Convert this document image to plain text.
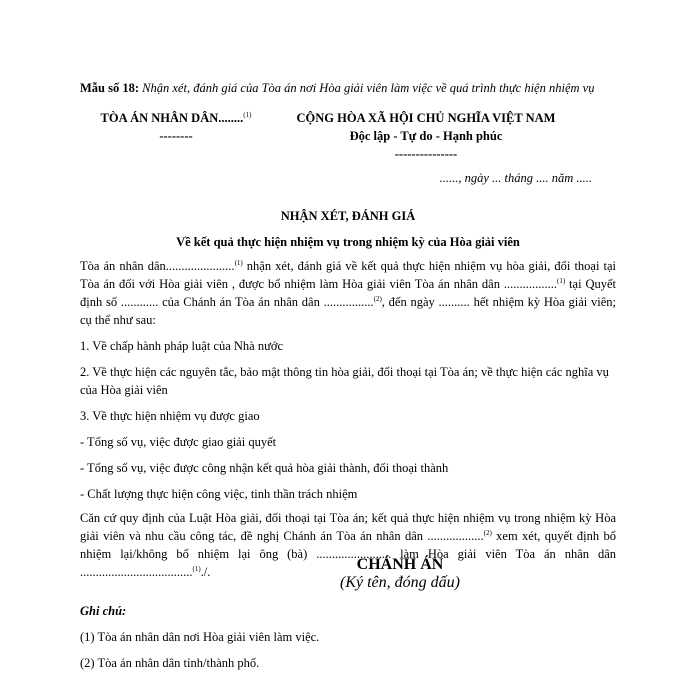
Mẫu số 18: Nhận xét, đánh giá của Tòa án nơi Hòa giải viên làm việc về quá trình thực hiện nhiệm vụ

TÒA ÁN NHÂN DÂN........$^{(1)}$
--------
CỘNG HÒA XÃ HỘI CHỦ NGHĨA VIỆT NAM
Độc lập - Tự do - Hạnh phúc
---------------

......, ngày ... tháng .... năm .....

NHẬN XÉT, ĐÁNH GIÁ

Về kết quả thực hiện nhiệm vụ trong nhiệm kỳ của Hòa giải viên

Tòa án nhân dân......................$^{(1)}$ nhận xét, đánh giá về kết quả thực hiện nhiệm vụ hòa giải, đối thoại tại Tòa án đối với Hòa giải viên , được bổ nhiệm làm Hòa giải viên Tòa án nhân dân .................$^{(1)}$ tại Quyết định số ............ của Chánh án Tòa án nhân dân ................$^{(2)}$, đến ngày .......... hết nhiệm kỳ Hòa giải viên; cụ thể như sau:

1. Về chấp hành pháp luật của Nhà nước

2. Về thực hiện các nguyên tắc, bảo mật thông tin hòa giải, đối thoại tại Tòa án; về thực hiện các nghĩa vụ của Hòa giải viên

3. Về thực hiện nhiệm vụ được giao

- Tổng số vụ, việc được giao giải quyết

- Tổng số vụ, việc được công nhận kết quả hòa giải thành, đối thoại thành

- Chất lượng thực hiện công việc, tinh thần trách nhiệm

Căn cứ quy định của Luật Hòa giải, đối thoại tại Tòa án; kết quả thực hiện nhiệm vụ trong nhiệm kỳ Hòa giải viên và nhu cầu công tác, đề nghị Chánh án Tòa án nhân dân ..................$^{(2)}$ xem xét, quyết định bổ nhiệm lại/không bổ nhiệm lại ông (bà) ........................ làm Hòa giải viên Tòa án nhân dân ....................................$^{(1)}$./.	CHÁNH ÁN
(Ký tên, đóng dấu)

Ghi chú:

(1) Tòa án nhân dân nơi Hòa giải viên làm việc.

(2) Tòa án nhân dân tỉnh/thành phố.
